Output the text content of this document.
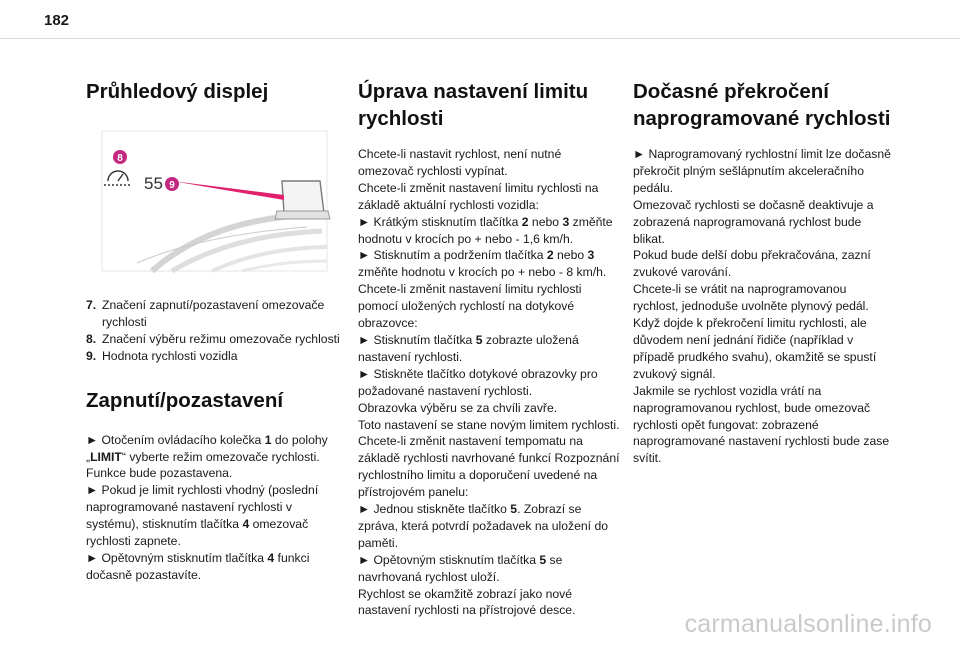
182
Průhledový displej
8
55 9
7. Značení zapnutí/pozastavení omezovače rychlosti
8. Značení výběru režimu omezovače rychlosti
9. Hodnota rychlosti vozidla
Zapnutí/pozastavení

► Otočením ovládacího kolečka 1 do polohy „LIMIT“ vyberte režim omezovače rychlosti.

Funkce bude pozastavena.

► Pokud je limit rychlosti vhodný (poslední naprogramované nastavení rychlosti v systému), stisknutím tlačítka 4 omezovač rychlosti zapnete.

► Opětovným stisknutím tlačítka 4 funkci dočasně pozastavíte.

Úprava nastavení limitu rychlosti

Chcete-li nastavit rychlost, není nutné omezovač rychlosti vypínat.

Chcete-li změnit nastavení limitu rychlosti na základě aktuální rychlosti vozidla:

► Krátkým stisknutím tlačítka 2 nebo 3 změňte hodnotu v krocích po + nebo - 1,6 km/h.

► Stisknutím a podržením tlačítka 2 nebo 3 změňte hodnotu v krocích po + nebo - 8 km/h.

Chcete-li změnit nastavení limitu rychlosti pomocí uložených rychlostí na dotykové obrazovce:

► Stisknutím tlačítka 5 zobrazte uložená nastavení rychlosti.

► Stiskněte tlačítko dotykové obrazovky pro požadované nastavení rychlosti.

Obrazovka výběru se za chvíli zavře.

Toto nastavení se stane novým limitem rychlosti.

Chcete-li změnit nastavení tempomatu na základě rychlosti navrhované funkcí Rozpoznání rychlostního limitu a doporučení uvedené na přístrojovém panelu:

► Jednou stiskněte tlačítko 5. Zobrazí se zpráva, která potvrdí požadavek na uložení do paměti.

► Opětovným stisknutím tlačítka 5 se navrhovaná rychlost uloží.

Rychlost se okamžitě zobrazí jako nové nastavení rychlosti na přístrojové desce.

Dočasné překročení naprogramované rychlosti

► Naprogramovaný rychlostní limit lze dočasně překročit plným sešlápnutím akceleračního pedálu.

Omezovač rychlosti se dočasně deaktivuje a zobrazená naprogramovaná rychlost bude blikat.

Pokud bude delší dobu překračována, zazní zvukové varování.

Chcete-li se vrátit na naprogramovanou rychlost, jednoduše uvolněte plynový pedál.

Když dojde k překročení limitu rychlosti, ale důvodem není jednání řidiče (například v případě prudkého svahu), okamžitě se spustí zvukový signál.

Jakmile se rychlost vozidla vrátí na naprogramovanou rychlost, bude omezovač rychlosti opět fungovat: zobrazené naprogramované nastavení rychlosti bude zase svítit.

carmanualsonline.info
